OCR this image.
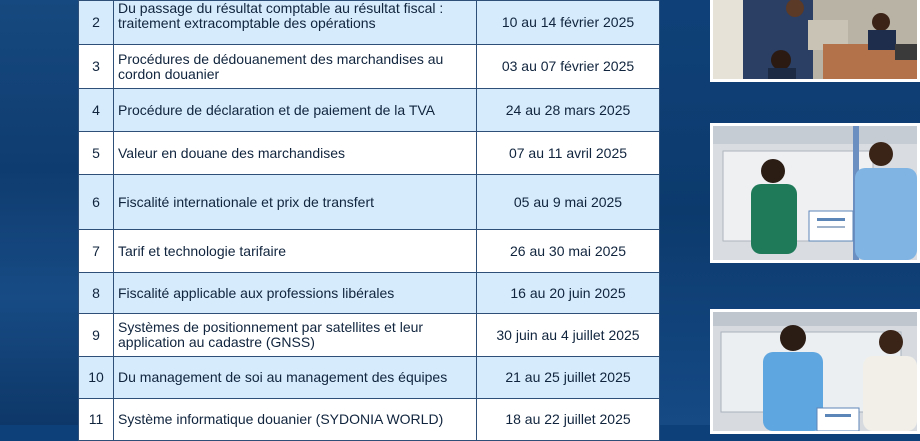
2	Du passage du résultat comptable au résultat fiscal : traitement extracomptable des opérations	10 au 14 février 2025
3	Procédures de dédouanement des marchandises au cordon douanier	03 au 07 février 2025
4	Procédure de déclaration et de paiement de la TVA	24 au 28 mars 2025
5	Valeur en douane des marchandises	07 au 11 avril 2025
6	Fiscalité internationale et prix de transfert	05 au 9 mai 2025
7	Tarif et technologie tarifaire	26 au 30 mai 2025
8	Fiscalité applicable aux professions libérales	16 au 20 juin 2025
9	Systèmes de positionnement par satellites et leur application au cadastre (GNSS)	30 juin au 4 juillet 2025
10	Du management de soi au management des équipes	21 au 25 juillet 2025
11	Système informatique douanier (SYDONIA WORLD)	18 au 22 juillet 2025
